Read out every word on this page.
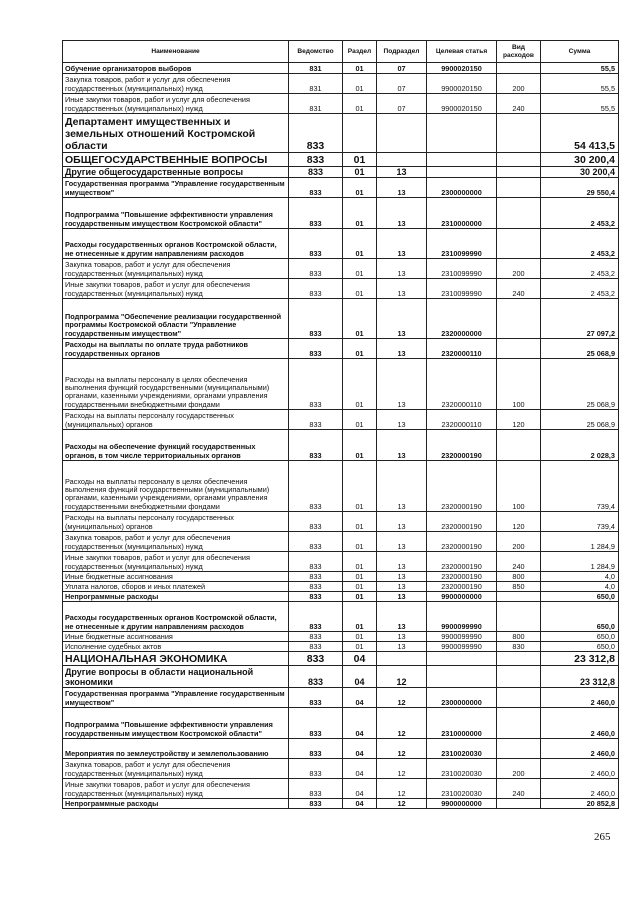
Наименование	Ведомство	Раздел	Подраздел	Целевая статья	Вид расходов	Сумма
Обучение организаторов выборов	831	01	07	9900020150		55,5
Закупка товаров, работ и услуг для обеспечения государственных (муниципальных) нужд	831	01	07	9900020150	200	55,5
Иные закупки товаров, работ и услуг для обеспечения государственных (муниципальных) нужд	831	01	07	9900020150	240	55,5
Департамент имущественных и земельных отношений Костромской области	833					54 413,5
ОБЩЕГОСУДАРСТВЕННЫЕ ВОПРОСЫ	833	01				30 200,4
Другие общегосударственные вопросы	833	01	13			30 200,4
Государственная программа "Управление государственным имуществом"	833	01	13	2300000000		29 550,4
Подпрограмма "Повышение эффективности управления государственным имуществом Костромской области"	833	01	13	2310000000		2 453,2
Расходы государственных органов Костромской области, не отнесенные к другим направлениям расходов	833	01	13	2310099990		2 453,2
Закупка товаров, работ и услуг для обеспечения государственных (муниципальных) нужд	833	01	13	2310099990	200	2 453,2
Иные закупки товаров, работ и услуг для обеспечения государственных (муниципальных) нужд	833	01	13	2310099990	240	2 453,2
Подпрограмма "Обеспечение реализации государственной программы Костромской области "Управление государственным имуществом"	833	01	13	2320000000		27 097,2
Расходы на выплаты по оплате труда работников государственных органов	833	01	13	2320000110		25 068,9
Расходы на выплаты персоналу в целях обеспечения выполнения функций государственными (муниципальными) органами, казенными учреждениями, органами управления государственными внебюджетными фондами	833	01	13	2320000110	100	25 068,9
Расходы на выплаты персоналу государственных (муниципальных) органов	833	01	13	2320000110	120	25 068,9
Расходы на обеспечение функций государственных органов, в том числе территориальных органов	833	01	13	2320000190		2 028,3
Расходы на выплаты персоналу в целях обеспечения выполнения функций государственными (муниципальными) органами, казенными учреждениями, органами управления государственными внебюджетными фондами	833	01	13	2320000190	100	739,4
Расходы на выплаты персоналу государственных (муниципальных) органов	833	01	13	2320000190	120	739,4
Закупка товаров, работ и услуг для обеспечения государственных (муниципальных) нужд	833	01	13	2320000190	200	1 284,9
Иные закупки товаров, работ и услуг для обеспечения государственных (муниципальных) нужд	833	01	13	2320000190	240	1 284,9
Иные бюджетные ассигнования	833	01	13	2320000190	800	4,0
Уплата налогов, сборов и иных платежей	833	01	13	2320000190	850	4,0
Непрограммные расходы	833	01	13	9900000000		650,0
Расходы государственных органов Костромской области, не отнесенные к другим направлениям расходов	833	01	13	9900099990		650,0
Иные бюджетные ассигнования	833	01	13	9900099990	800	650,0
Исполнение судебных актов	833	01	13	9900099990	830	650,0
НАЦИОНАЛЬНАЯ ЭКОНОМИКА	833	04				23 312,8
Другие вопросы в области национальной экономики	833	04	12			23 312,8
Государственная программа "Управление государственным имуществом"	833	04	12	2300000000		2 460,0
Подпрограмма "Повышение эффективности управления государственным имуществом Костромской области"	833	04	12	2310000000		2 460,0
Мероприятия по землеустройству и землепользованию	833	04	12	2310020030		2 460,0
Закупка товаров, работ и услуг для обеспечения государственных (муниципальных) нужд	833	04	12	2310020030	200	2 460,0
Иные закупки товаров, работ и услуг для обеспечения государственных (муниципальных) нужд	833	04	12	2310020030	240	2 460,0
Непрограммные расходы	833	04	12	9900000000		20 852,8
265
